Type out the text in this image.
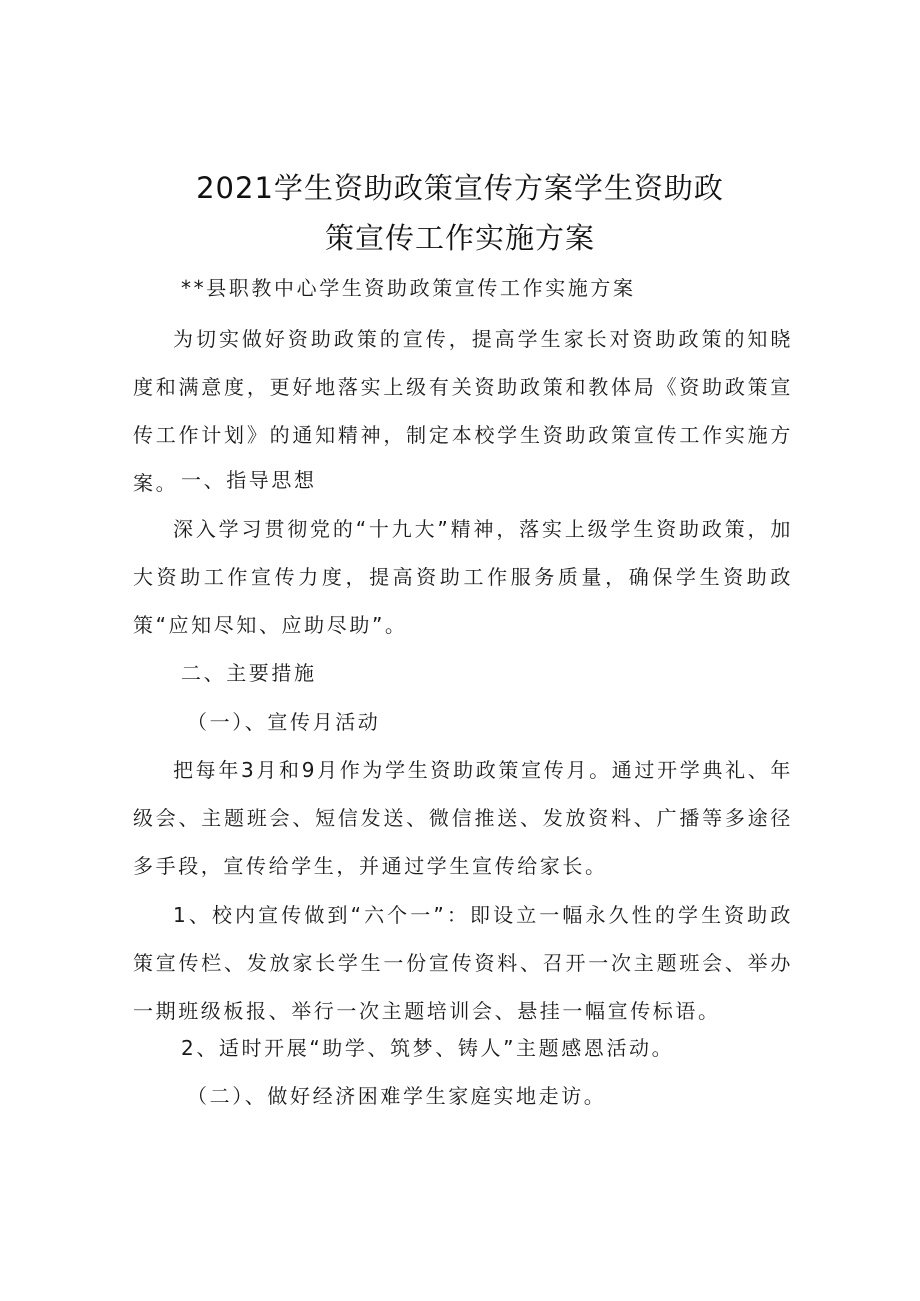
2021学生资助政策宣传方案学生资助政
策宣传工作实施方案

**县职教中心学生资助政策宣传工作实施方案

为切实做好资助政策的宣传，提高学生家长对资助政策的知晓度和满意度，更好地落实上级有关资助政策和教体局《资助政策宣传工作计划》的通知精神，制定本校学生资助政策宣传工作实施方案。 一、指导思想

深入学习贯彻党的“十九大”精神，落实上级学生资助政策，加大资助工作宣传力度，提高资助工作服务质量，确保学生资助政策“应知尽知、应助尽助”。

二、主要措施

（一）、宣传月活动

把每年3月和9月作为学生资助政策宣传月。通过开学典礼、年级会、主题班会、短信发送、微信推送、发放资料、广播等多途径多手段，宣传给学生，并通过学生宣传给家长。

1、校内宣传做到“六个一”：即设立一幅永久性的学生资助政策宣传栏、发放家长学生一份宣传资料、召开一次主题班会、举办一期班级板报、举行一次主题培训会、悬挂一幅宣传标语。

2、适时开展“助学、筑梦、铸人”主题感恩活动。

（二）、做好经济困难学生家庭实地走访。
